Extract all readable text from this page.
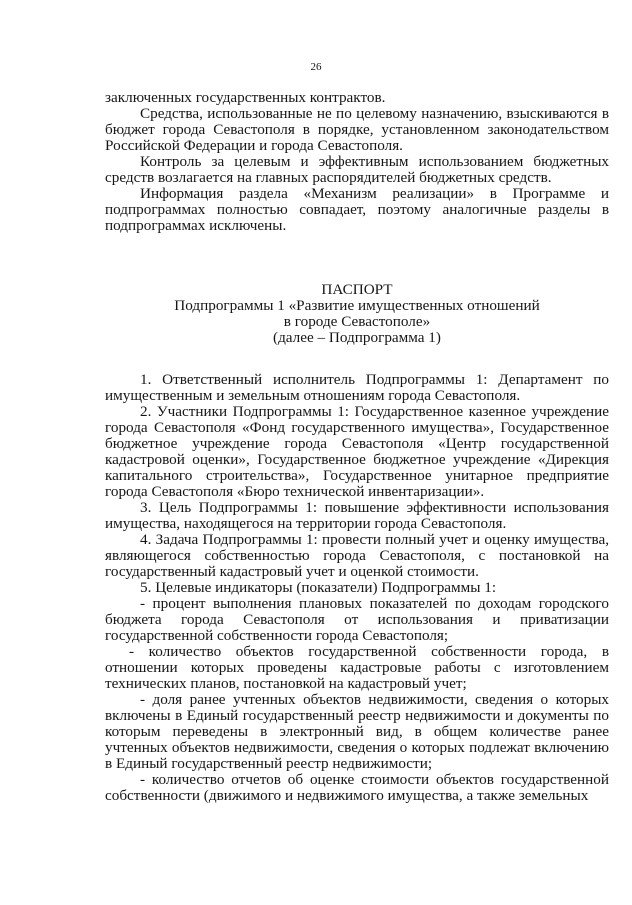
26

заключенных государственных контрактов.

Средства, использованные не по целевому назначению, взыскиваются в бюджет города Севастополя в порядке, установленном законодательством Российской Федерации и города Севастополя.

Контроль за целевым и эффективным использованием бюджетных средств возлагается на главных распорядителей бюджетных средств.

Информация раздела «Механизм реализации» в Программе и подпрограммах полностью совпадает, поэтому аналогичные разделы в подпрограммах исключены.

ПАСПОРТ
Подпрограммы 1 «Развитие имущественных отношений
в городе Севастополе»
(далее – Подпрограмма 1)

1. Ответственный исполнитель Подпрограммы 1: Департамент по имущественным и земельным отношениям города Севастополя.

2. Участники Подпрограммы 1: Государственное казенное учреждение города Севастополя «Фонд государственного имущества», Государственное бюджетное учреждение города Севастополя «Центр государственной кадастровой оценки», Государственное бюджетное учреждение «Дирекция капитального строительства», Государственное унитарное предприятие города Севастополя «Бюро технической инвентаризации».

3. Цель Подпрограммы 1: повышение эффективности использования имущества, находящегося на территории города Севастополя.

4. Задача Подпрограммы 1: провести полный учет и оценку имущества, являющегося собственностью города Севастополя, с постановкой на государственный кадастровый учет и оценкой стоимости.

5. Целевые индикаторы (показатели) Подпрограммы 1:

- процент выполнения плановых показателей по доходам городского бюджета города Севастополя от использования и приватизации государственной собственности города Севастополя;

- количество объектов государственной собственности города, в отношении которых проведены кадастровые работы с изготовлением технических планов, постановкой на кадастровый учет;

- доля ранее учтенных объектов недвижимости, сведения о которых включены в Единый государственный реестр недвижимости и документы по которым переведены в электронный вид, в общем количестве ранее учтенных объектов недвижимости, сведения о которых подлежат включению в Единый государственный реестр недвижимости;

- количество отчетов об оценке стоимости объектов государственной собственности (движимого и недвижимого имущества, а также земельных
